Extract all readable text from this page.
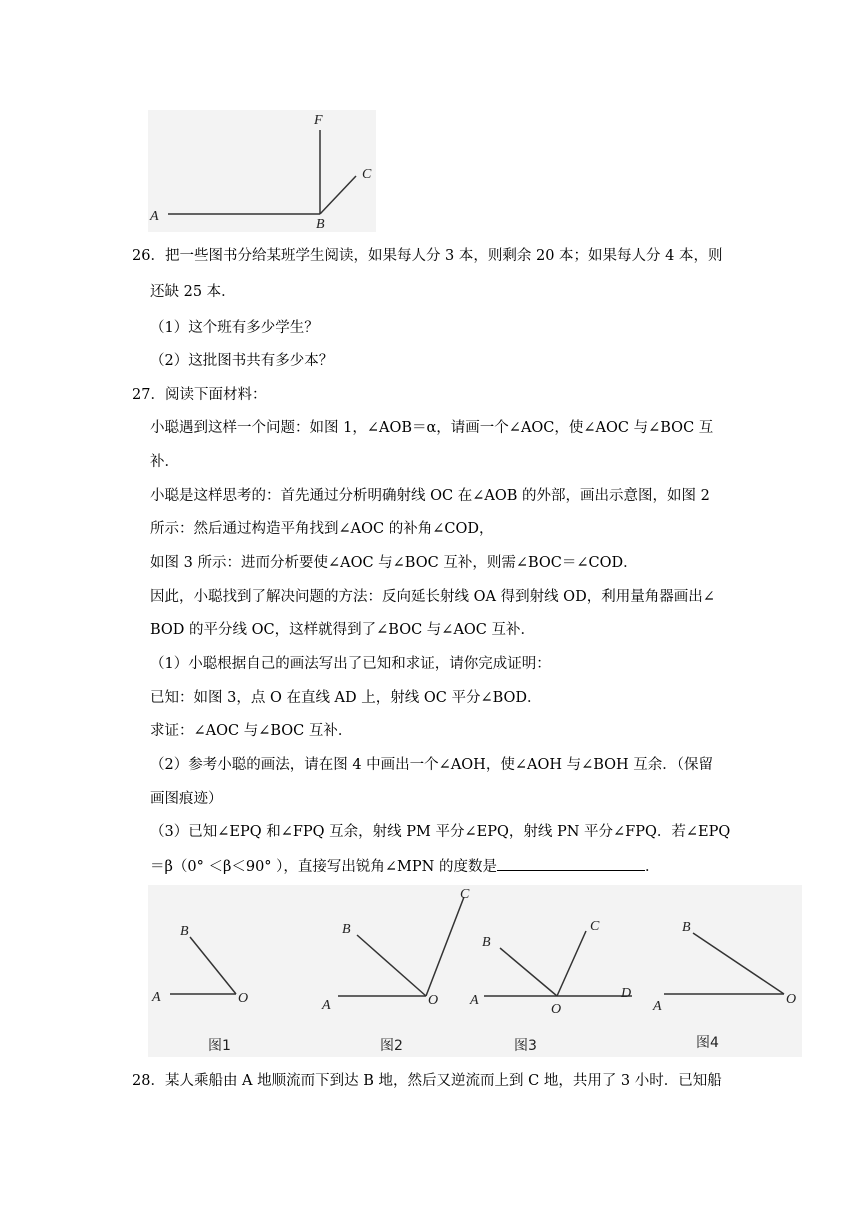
F
C
A
B
26．把一些图书分给某班学生阅读，如果每人分 3 本，则剩余 20 本；如果每人分 4 本，则
还缺 25 本．
（1）这个班有多少学生？
（2）这批图书共有多少本？
27．阅读下面材料：
小聪遇到这样一个问题：如图 1，∠AOB＝α，请画一个∠AOC，使∠AOC 与∠BOC 互
补．
小聪是这样思考的：首先通过分析明确射线 OC 在∠AOB 的外部，画出示意图，如图 2
所示：然后通过构造平角找到∠AOC 的补角∠COD，
如图 3 所示：进而分析要使∠AOC 与∠BOC 互补，则需∠BOC＝∠COD．
因此，小聪找到了解决问题的方法：反向延长射线 OA 得到射线 OD，利用量角器画出∠
BOD 的平分线 OC，这样就得到了∠BOC 与∠AOC 互补．
（1）小聪根据自己的画法写出了已知和求证，请你完成证明：
已知：如图 3，点 O 在直线 AD 上，射线 OC 平分∠BOD．
求证：∠AOC 与∠BOC 互补．
（2）参考小聪的画法，请在图 4 中画出一个∠AOH，使∠AOH 与∠BOH 互余．（保留
画图痕迹）
（3）已知∠EPQ 和∠FPQ 互余，射线 PM 平分∠EPQ，射线 PN 平分∠FPQ．若∠EPQ
＝β（0° ＜β＜90° ），直接写出锐角∠MPN 的度数是	．
B
A	O
图1
B
A	O
C
图2
B
A
O
C
D
图3
B
A	O
图4
28．某人乘船由 A 地顺流而下到达 B 地，然后又逆流而上到 C 地，共用了 3 小时．已知船
